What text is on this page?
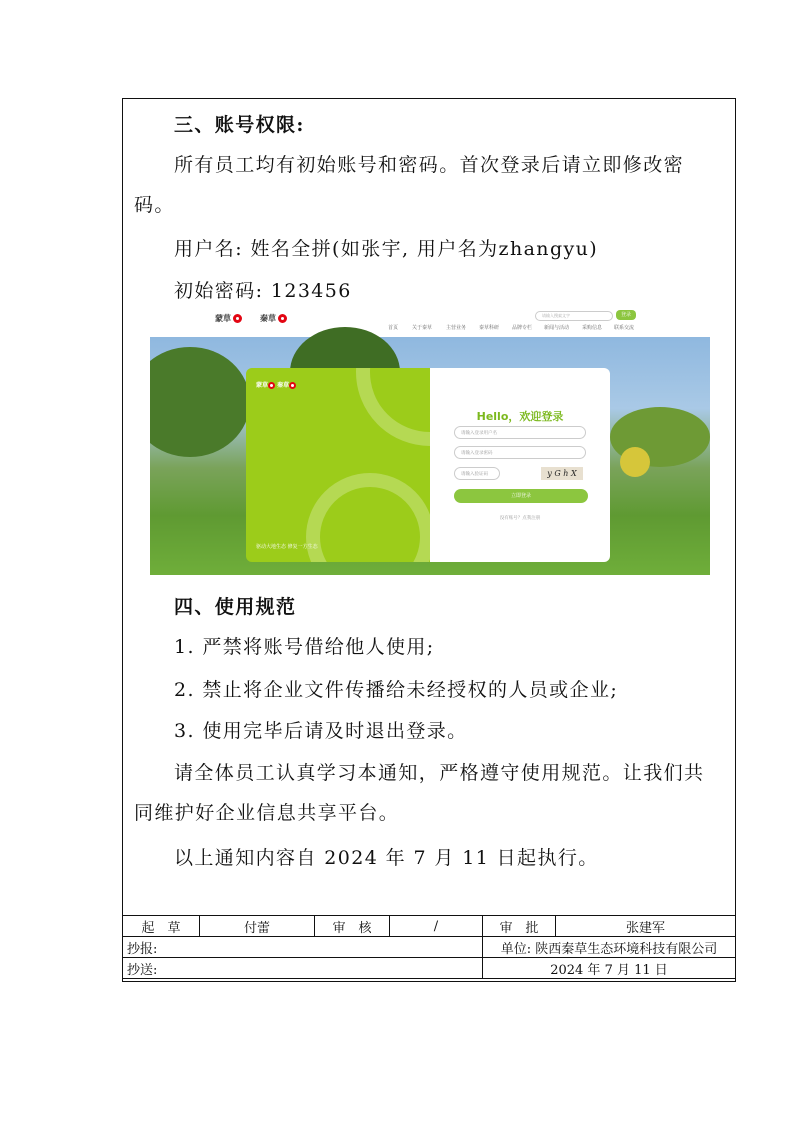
三、账号权限:
所有员工均有初始账号和密码。首次登录后请立即修改密
码。
用户名: 姓名全拼(如张宇, 用户名为zhangyu)
初始密码: 123456
蒙草	秦草
首页	关于秦草	主营业务	秦草科研	品牌专栏 新闻与活动	采购信息 联系交流
请输入搜索文字	登录
蒙草 秦草
驱动大地生态 修复一方生态
Hello，欢迎登录
请输入登录用户名
请输入登录密码
请输入验证码	y G h X
立即登录
没有账号？点我注册
四、使用规范
1. 严禁将账号借给他人使用;
2. 禁止将企业文件传播给未经授权的人员或企业;
3. 使用完毕后请及时退出登录。
请全体员工认真学习本通知，严格遵守使用规范。让我们共
同维护好企业信息共享平台。
以上通知内容自 2024 年 7 月 11 日起执行。
起　草	付蕾	审　核	/	审　批	张建军
抄报:				单位: 陕西秦草生态环境科技有限公司	
抄送:				2024 年 7 月 11 日	
